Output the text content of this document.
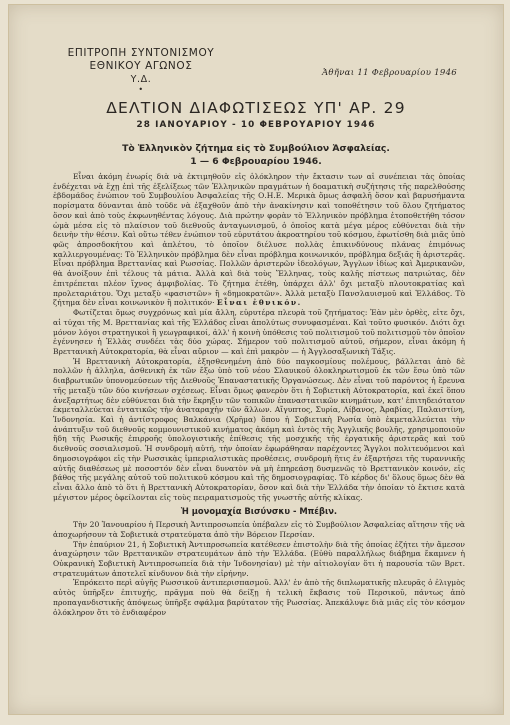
ΕΠΙΤΡΟΠΗ ΣΥΝΤΟΝΙΣΜΟΥ
ΕΘΝΙΚΟΥ ΑΓΩΝΟΣ
Υ.Δ.
•
Ἀθῆναι 11 Φεβρουαρίου 1946
ΔΕΛΤΙΟΝ ΔΙΑΦΩΤΙΣΕΩΣ ΥΠ' ΑΡ. 29
28 ΙΑΝΟΥΑΡΙΟΥ - 10 ΦΕΒΡΟΥΑΡΙΟΥ 1946
Τὸ Ἑλληνικὸν ζήτημα εἰς τὸ Συμβούλιον Ἀσφαλείας.
1 — 6 Φεβρουαρίου 1946.

Εἶναι ἀκόμη ἐνωρίς διὰ νὰ ἐκτιμηθοῦν εἰς ὁλόκληρον τὴν ἔκτασιν των αἱ συνέπειαι τὰς ὁποίας ἐνδέχεται νὰ ἔχῃ ἐπὶ τῆς ἐξελίξεως τῶν Ἑλληνικῶν πραγμάτων ἡ δοαματικὴ συζήτησις τῆς παρελθούσης ἑβδομάδος ἐνώπιον τοῦ Συμβουλίου Ἀσφαλείας τῆς Ο.Η.Ε. Μερικὰ ὅμως ἀσφαλῆ ὅσον καὶ βαρυσήμαντα πορίσματα δύνανται ἀπὸ τοῦδε νὰ ἐξαχθοῦν ἀπὸ τὴν ἀνακίνησιν καὶ τοποθέτησιν τοῦ ὅλου ζητήματος ὅσον καὶ ἀπὸ τοὺς ἐκφωνηθέντας λόγους. Διὰ πρώτην φορὰν τὸ Ἑλληνικὸν πρόβλημα ἐτοποθετήθη τόσον ὠμὰ μέσα εἰς τὸ πλαίσιον τοῦ διεθνοῦς ἀνταγωνισμοῦ, ὁ ὁποῖος κατὰ μέγα μέρος εὐθύνεται διὰ τὴν δεινὴν τὴν θέσιν. Καὶ οὕτω τέθεν ἐνώπιον τοῦ εὐρυτάτου ἀκροατηρίου τοῦ κόσμου, ἐφωτίσθη διὰ μιᾶς ὑπὸ φῶς ἀπροσδοκήτου καὶ ἀπλέτου, τὸ ὁποῖον διέλυσε πολλὰς ἐπικινδύνους πλάνας ἐπιμόνως καλλιεργουμένας: Τὸ Ἑλληνικὸν πρόβλημα δὲν εἶναι πρόβλημα κοινωνικόν, πρόβλημα δεξιᾶς ἢ ἀριστερᾶς. Εἶναι πρόβλημα Βρεττανίας καὶ Ρωσσίας. Πολλῶν ἀριστερῶν ἰδεολόγων, Ἄγγλων ἰδίως καὶ Ἀμερικανῶν, θὰ ἀνοίξουν ἐπὶ τέλους τὰ μάτια. Ἀλλὰ καὶ διὰ τοὺς Ἕλληνας, τοὺς καλῆς πίστεως πατριώτας, δὲν ἐπιτρέπεται πλέον ἴχνος ἀμφιβολίας. Τὸ ζήτημα ἐτέθη, ὑπάρχει ἀλλ' ὄχι μεταξὺ πλουτοκρατίας καὶ προλεταριάτου. Ὄχι μεταξὺ «φασιστῶν» ἢ «δημοκρατῶν». Ἀλλὰ μεταξὺ Πανσλαυισμοῦ καὶ Ἑλλάδος. Τὸ ζήτημα δὲν εἶναι κοινωνικὸν ἢ πολιτικόν· Εἶναι ἐθνικόν.

Φωτίζεται ὅμως συγχρόνως καὶ μία ἄλλη, εὐρυτέρα πλευρὰ τοῦ ζητήματος: Ἐὰν μὲν ὀρθὲς, εἰτε ὄχι, αἱ τύχαι τῆς Μ. Βρεττανίας καὶ τῆς Ἑλλάδος εἶναι ἀπολύτως συνυφασμέναι. Καὶ τοῦτο φυσικόν. Διότι ὄχι μόνον λόγοι στρατηγικοὶ ἢ γεωγραφικοί, ἀλλ' ἡ κοινὴ ὑπόθεσις τοῦ πολιτισμοῦ τοῦ πολιτισμοῦ τὸν ὁποῖον ἐγέννησεν ἡ Ἑλλὰς συνδέει τὰς δύο χώρας. Σήμερον τοῦ πολιτισμοῦ αὐτοῦ, σήμερον, εἶναι ἀκόμη ἡ Βρεττανικὴ Αὐτοκρατορία, θὰ εἶναι αὔριον — καὶ ἐπὶ μακρὸν — ἡ Ἀγγλοσαξωνικὴ Τάξις.

Ἡ Βρεττανικὴ Αὐτοκρατορία, ἐξησθενημένη ἀπὸ δύο παγκοσμίους πολέμους, βάλλεται ἀπὸ δὲ πολλῶν ἡ ἀλληλα, ἀσθενικὴ ἐκ τῶν ἔξω ὑπὸ τοῦ νέου Σλαυικοῦ ὁλοκληρωτισμοῦ ἐκ τῶν ἔσω ὑπὸ τῶν διαβρωτικῶν ὑπονομεύσεων τῆς Διεθνοῦς Ἐπαναστατικῆς Ὀργανώσεως. Δὲν εἶναι τοῦ παρόντος ἡ ἔρευνα τῆς μεταξὺ τῶν δύο κινήσεων σχέσεως. Εἶναι ὅμως φανερὸν ὅτι ἡ Σοβιετικὴ Αὐτοκρατορία, καὶ ἐκεῖ ὅπου ἀνεξαρτήτως δὲν εὐθύνεται διὰ τὴν ἔκρηξιν τῶν τοπικῶν ἐπαναστατικῶν κινημάτων, κατ' ἐπιτηδειότατον ἐκμεταλλεύεται ἐντατικῶς τὴν ἀναταραχὴν τῶν ἄλλων. Αἴγυπτος, Συρία, Λίβανος, Ἀραβίας, Παλαιστίνη, Ἰνδονησία. Καὶ ἡ ἀντίστροφος Βαλκάνια (Χρῆμα) ὅπου ἡ Σοβιετικὴ Ρωσία ὑπὸ ἐκμεταλλεύεται τὴν ἀνάπτυξιν τοῦ διεθνοῦς κομμουνιστικοῦ κινήματος ἀκόμη καὶ ἐντὸς τῆς Ἀγγλικῆς βουλῆς, χρησιμοποιοῦν ἤδη τῆς Ρωσικῆς ἐπιρροῆς ὑπολογιστικῆς ἐπίθεσις τῆς μοσχικῆς τῆς ἐργατικῆς ἀριστερᾶς καὶ τοῦ διεθνοῦς σοσιαλισμοῦ. Ἡ συνδρομὴ αὐτή, τὴν ὁποίαν ἐφωράθησαν παρέχοντες Ἄγγλοι πολιτευόμενοι καὶ δημοσιογράφοι εἰς τὴν Ρωσσικὰς ἰμπεριαλιστικὰς προθέσεις, συνδρομὴ ἥτις ἐν ἐξαρτήσει τῆς τυραννικῆς αὐτῆς διαθέσεως μὲ ποσοστόν δὲν εἶναι δυνατὸν νὰ μὴ ἐπηρεάσῃ δυσμενῶς τὸ Βρεττανικὸν κοινόν, εἰς βάθος τῆς μεγάλης αὐτοῦ τοῦ πολιτικοῦ κόσμου καὶ τῆς δημοσιογραφίας. Τὸ κέρδος δι' ὅλους ὅμως δὲν θὰ εἶναι ἄλλο ἀπὸ τὸ ὅτι ἡ Βρεττανικὴ Αὐτοκρατορίαν, ὅσον καὶ διὰ τὴν Ἑλλάδα τὴν ὁποίαν τὸ ἔκτισε κατὰ μέγιστον μέρος ὀφείλονται εἰς τοὺς πειραματισμοὺς τῆς γνωστῆς αὐτῆς κλίκας.

Ἡ μονομαχία Βισύνσκυ - Μπέβιν.

Τὴν 20 Ἰανουαρίου ἡ Περσικὴ Ἀντιπροσωπεία ὑπέβαλεν εἰς τὸ Συμβούλιον Ἀσφαλείας αἴτησιν τῆς νὰ ἀποχωρήσουν τὰ Σοβιετικὰ στρατεύματα ἀπὸ τὴν Βόρειον Περσίαν.

Τὴν ἑπαύριον 21, ἡ Σοβιετικὴ Ἀντιπροσωπεία κατέθεσεν ἐπιστολὴν διὰ τῆς ὁποίας ἐζήτει τὴν ἄμεσον ἀναχώρησιν τῶν Βρεττανικῶν στρατευμάτων ἀπὸ τὴν Ἑλλάδα. (Εὐθὺ παραλλήλως διάβημα ἔκαμνεν ἡ Οὐκρανικὴ Σοβιετικὴ Ἀντιπροσωπεία διὰ τὴν Ἰνδονησίαν) μὲ τὴν αἰτιολογίαν ὅτι ἡ παρουσία τῶν Βρετ. στρατευμάτων ἀποτελεῖ κίνδυνον διὰ τὴν εἰρήνην.

Ἐπρόκειτο περὶ αὐγῆς Ρωσσικοῦ ἀντιπερισπασμοῦ. Ἀλλ' ἐν ἀπὸ τῆς διπλωματικῆς πλευρᾶς ὁ ἐλιγμὸς αὐτὸς ὑπῆρξεν ἐπιτυχής, πρᾶγμα ποὺ θὰ δείξῃ ἡ τελικὴ ἔκβασις τοῦ Περσικοῦ, πάντως ἀπὸ προπαγανδιστικῆς ἀπόψεως ὑπῆρξε σφάλμα βαρύτατον τῆς Ρωσσίας. Ἀπεκάλυψε διὰ μιᾶς εἰς τὸν κόσμον ὁλόκληρον ὅτι τὸ ἐνδιαφέρον
